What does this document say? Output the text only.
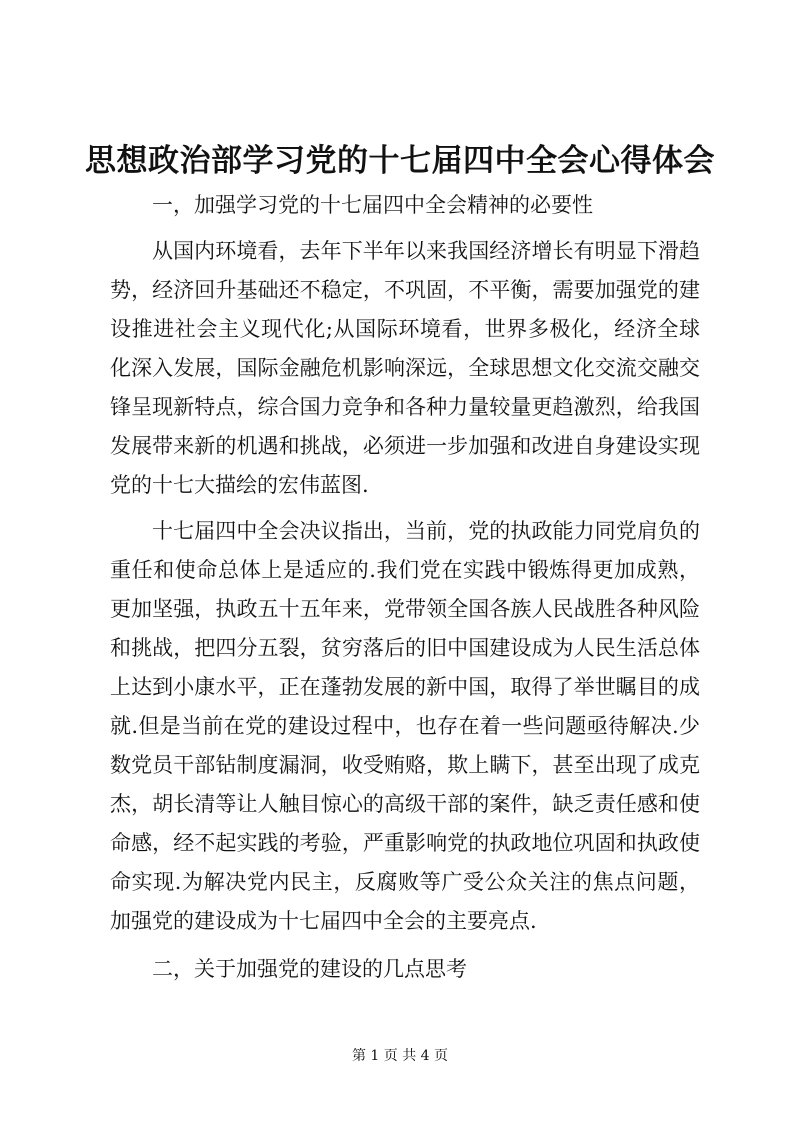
思想政治部学习党的十七届四中全会心得体会

一，加强学习党的十七届四中全会精神的必要性

从国内环境看，去年下半年以来我国经济增长有明显下滑趋势，经济回升基础还不稳定，不巩固，不平衡，需要加强党的建设推进社会主义现代化;从国际环境看，世界多极化，经济全球化深入发展，国际金融危机影响深远，全球思想文化交流交融交锋呈现新特点，综合国力竞争和各种力量较量更趋激烈，给我国发展带来新的机遇和挑战，必须进一步加强和改进自身建设实现党的十七大描绘的宏伟蓝图.

十七届四中全会决议指出，当前，党的执政能力同党肩负的重任和使命总体上是适应的.我们党在实践中锻炼得更加成熟，更加坚强，执政五十五年来，党带领全国各族人民战胜各种风险和挑战，把四分五裂，贫穷落后的旧中国建设成为人民生活总体上达到小康水平，正在蓬勃发展的新中国，取得了举世瞩目的成就.但是当前在党的建设过程中，也存在着一些问题亟待解决.少数党员干部钻制度漏洞，收受贿赂，欺上瞒下，甚至出现了成克杰，胡长清等让人触目惊心的高级干部的案件，缺乏责任感和使命感，经不起实践的考验，严重影响党的执政地位巩固和执政使命实现.为解决党内民主，反腐败等广受公众关注的焦点问题，加强党的建设成为十七届四中全会的主要亮点.

二，关于加强党的建设的几点思考

第 1 页 共 4 页
